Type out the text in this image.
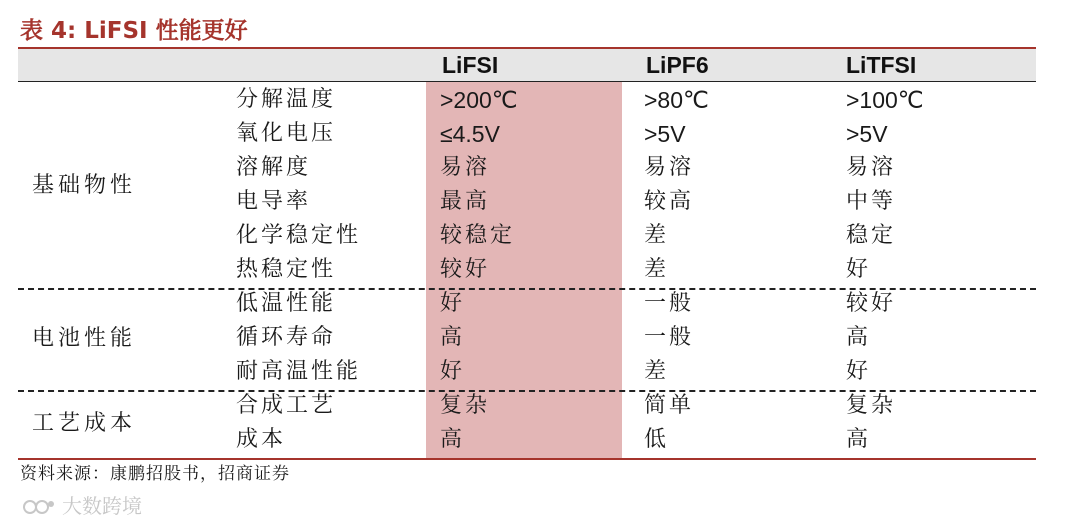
表 4: LiFSI 性能更好
LiFSI	LiPF6	LiTFSI
基础物性
分解温度	>200℃	>80℃	>100℃
氧化电压	≤4.5V	>5V	>5V
溶解度	易溶	易溶	易溶
电导率	最高	较高	中等
化学稳定性	较稳定	差	稳定
热稳定性	较好	差	好
电池性能
低温性能	好	一般	较好
循环寿命	高	一般	高
耐高温性能	好	差	好
工艺成本
合成工艺	复杂	简单	复杂
成本	高	低	高
资料来源：康鹏招股书，招商证券
大数跨境
